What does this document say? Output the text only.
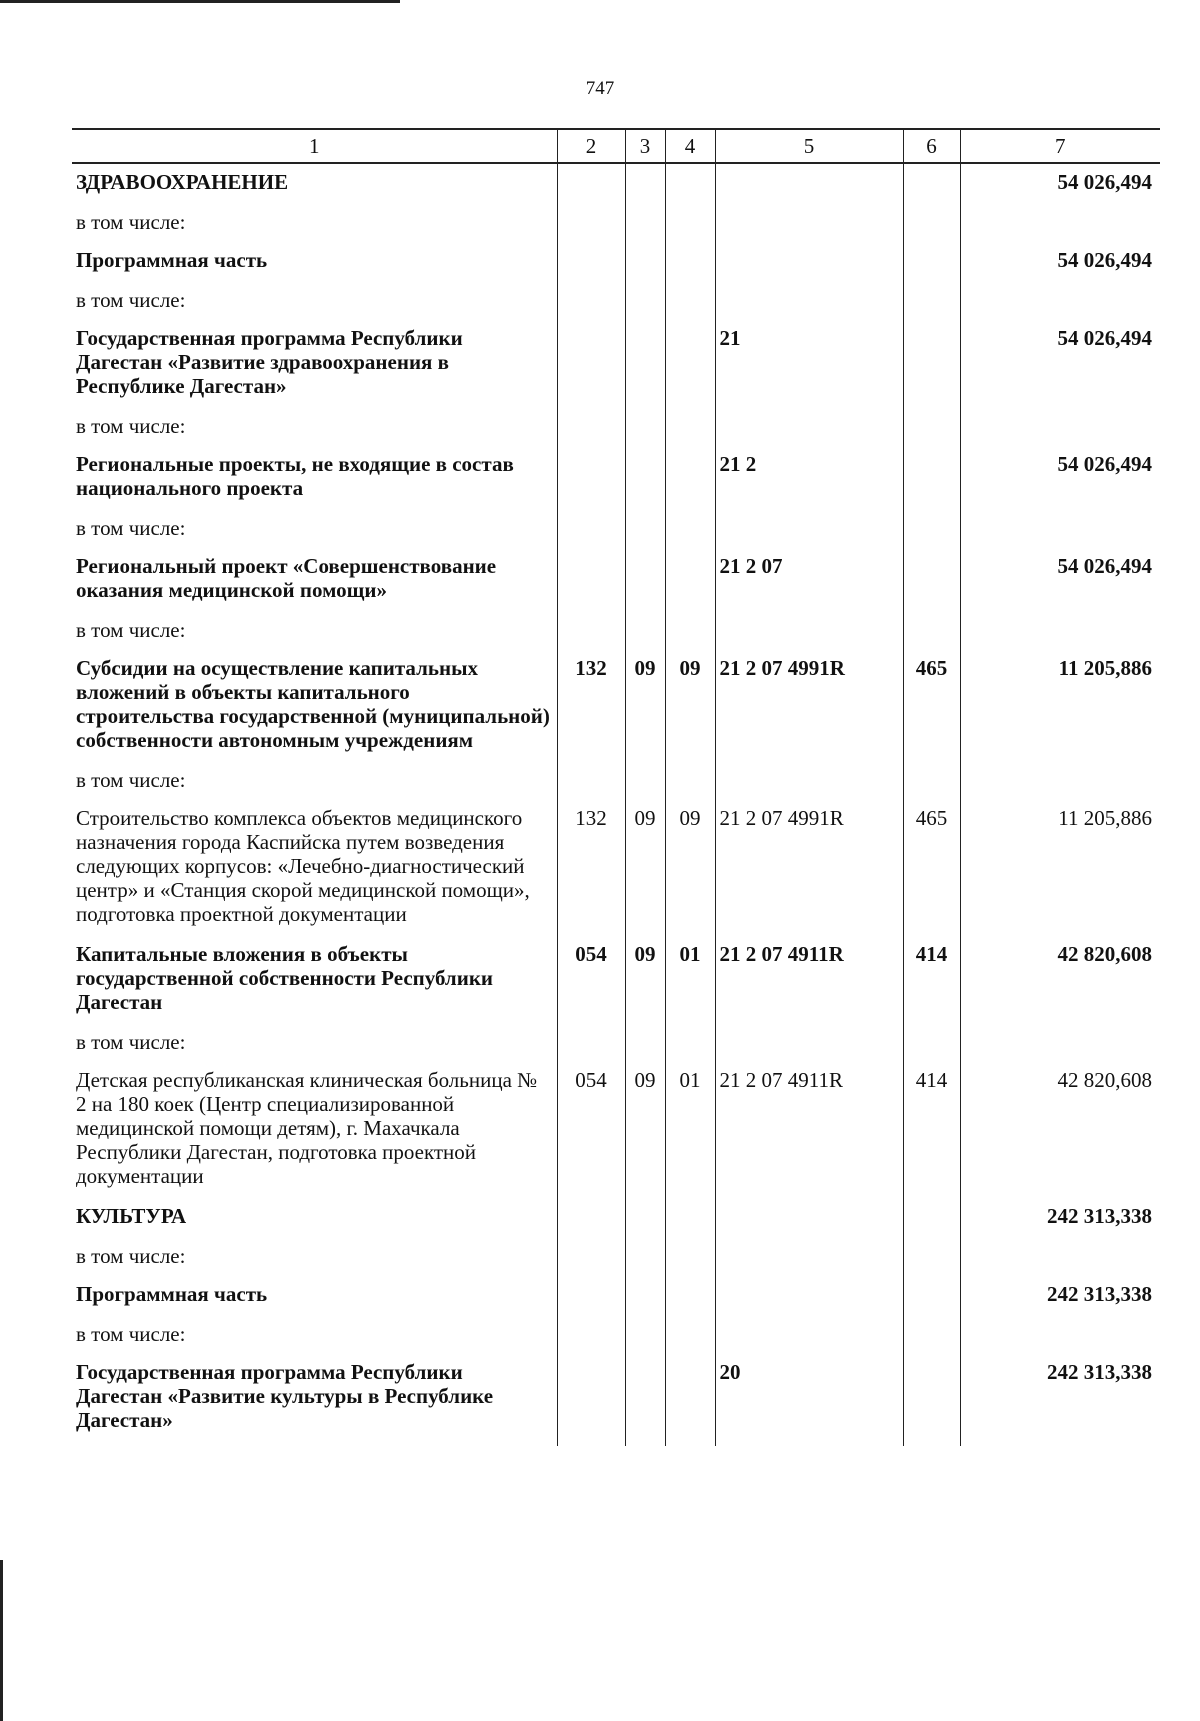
747
1	2	3	4	5	6	7
ЗДРАВООХРАНЕНИЕ						54 026,494
в том числе:						
Программная часть						54 026,494
в том числе:						
Государственная программа Республики Дагестан «Развитие здравоохранения в Республике Дагестан»				21		54 026,494
в том числе:						
Региональные проекты, не входящие в состав национального проекта				21 2		54 026,494
в том числе:						
Региональный проект «Совершенствование оказания медицинской помощи»				21 2 07		54 026,494
в том числе:						
Субсидии на осуществление капитальных вложений в объекты капитального строительства государственной (муниципальной) собственности автономным учреждениям	132	09	09	21 2 07 4991R	465	11 205,886
в том числе:						
Строительство комплекса объектов медицинского назначения города Каспийска путем возведения следующих корпусов: «Лечебно-диагностический центр» и «Станция скорой медицинской помощи», подготовка проектной документации	132	09	09	21 2 07 4991R	465	11 205,886
Капитальные вложения в объекты государственной собственности Республики Дагестан	054	09	01	21 2 07 4911R	414	42 820,608
в том числе:						
Детская республиканская клиническая больница № 2 на 180 коек (Центр специализированной медицинской помощи детям), г. Махачкала Республики Дагестан, подготовка проектной документации	054	09	01	21 2 07 4911R	414	42 820,608
КУЛЬТУРА						242 313,338
в том числе:						
Программная часть						242 313,338
в том числе:						
Государственная программа Республики Дагестан «Развитие культуры в Республике Дагестан»				20		242 313,338
